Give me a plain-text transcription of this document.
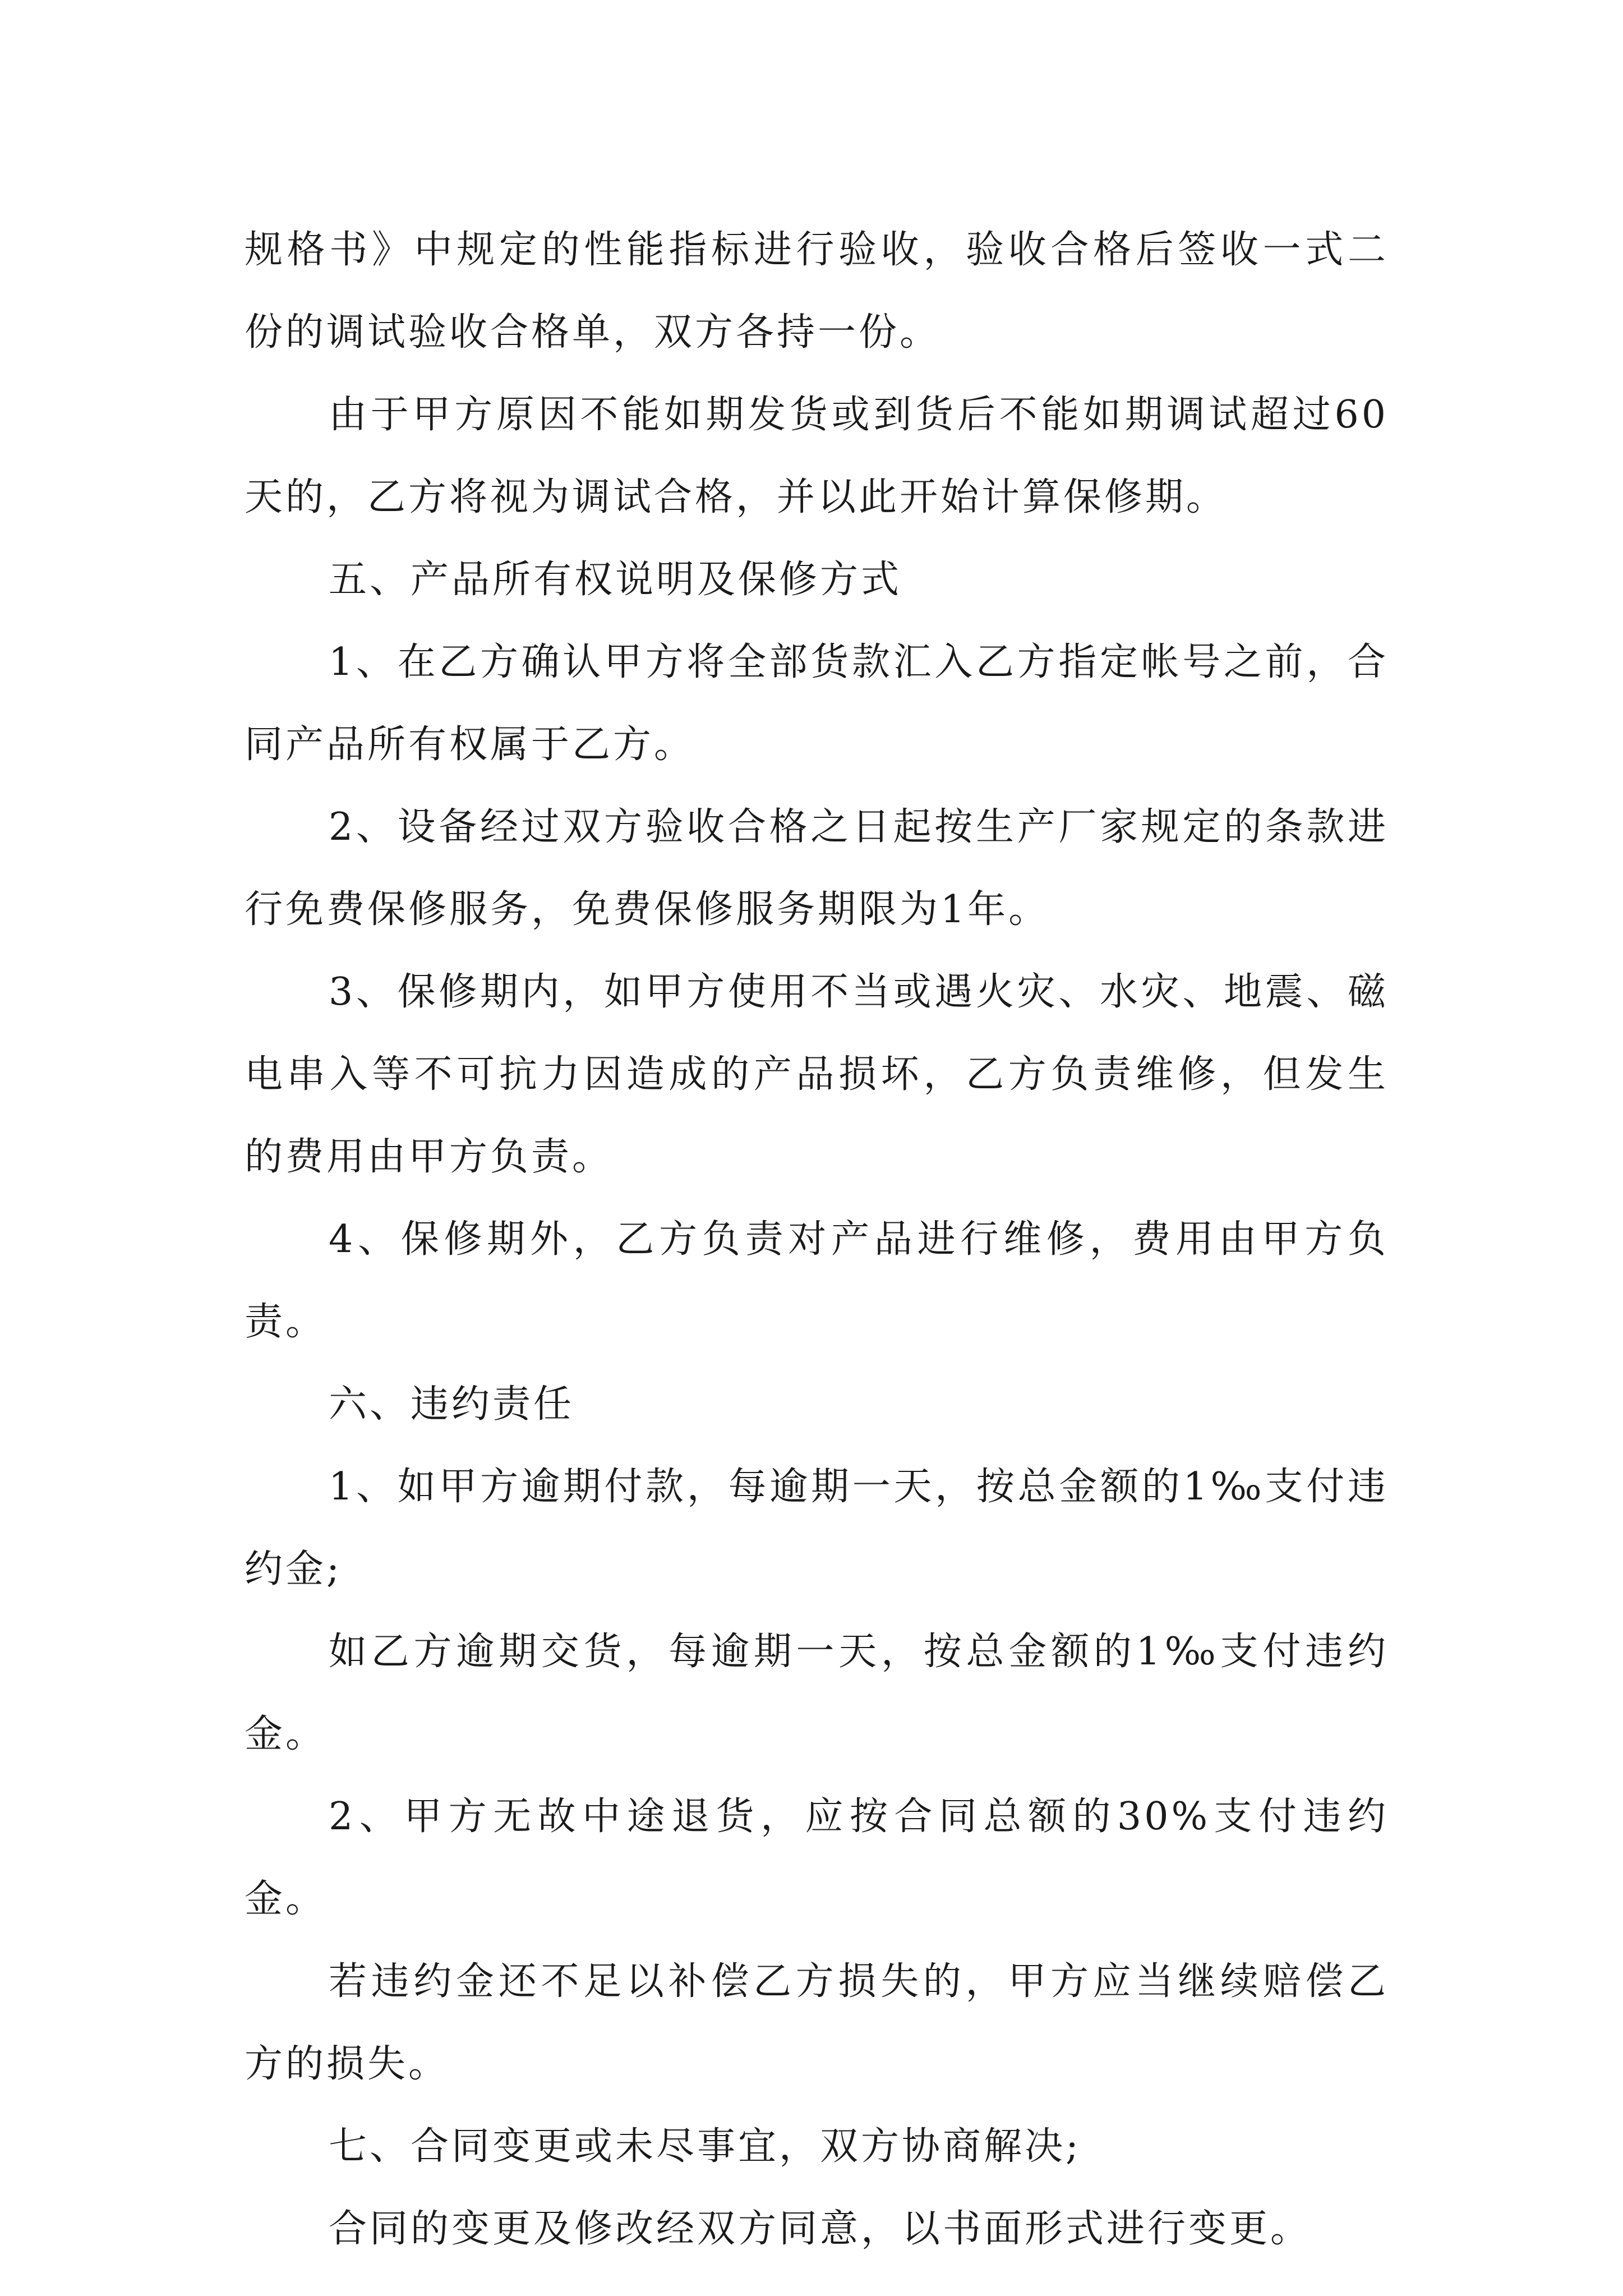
规格书》中规定的性能指标进行验收，验收合格后签收一式二份的调试验收合格单，双方各持一份。

由于甲方原因不能如期发货或到货后不能如期调试超过60天的，乙方将视为调试合格，并以此开始计算保修期。

五、产品所有权说明及保修方式

1、在乙方确认甲方将全部货款汇入乙方指定帐号之前，合同产品所有权属于乙方。

2、设备经过双方验收合格之日起按生产厂家规定的条款进行免费保修服务，免费保修服务期限为1年。

3、保修期内，如甲方使用不当或遇火灾、水灾、地震、磁电串入等不可抗力因造成的产品损坏，乙方负责维修，但发生的费用由甲方负责。

4、保修期外，乙方负责对产品进行维修，费用由甲方负责。

六、违约责任

1、如甲方逾期付款，每逾期一天，按总金额的1‰支付违约金;

如乙方逾期交货，每逾期一天，按总金额的1‰支付违约金。

2、甲方无故中途退货，应按合同总额的30%支付违约金。

若违约金还不足以补偿乙方损失的，甲方应当继续赔偿乙方的损失。

七、合同变更或未尽事宜，双方协商解决;

合同的变更及修改经双方同意，以书面形式进行变更。
